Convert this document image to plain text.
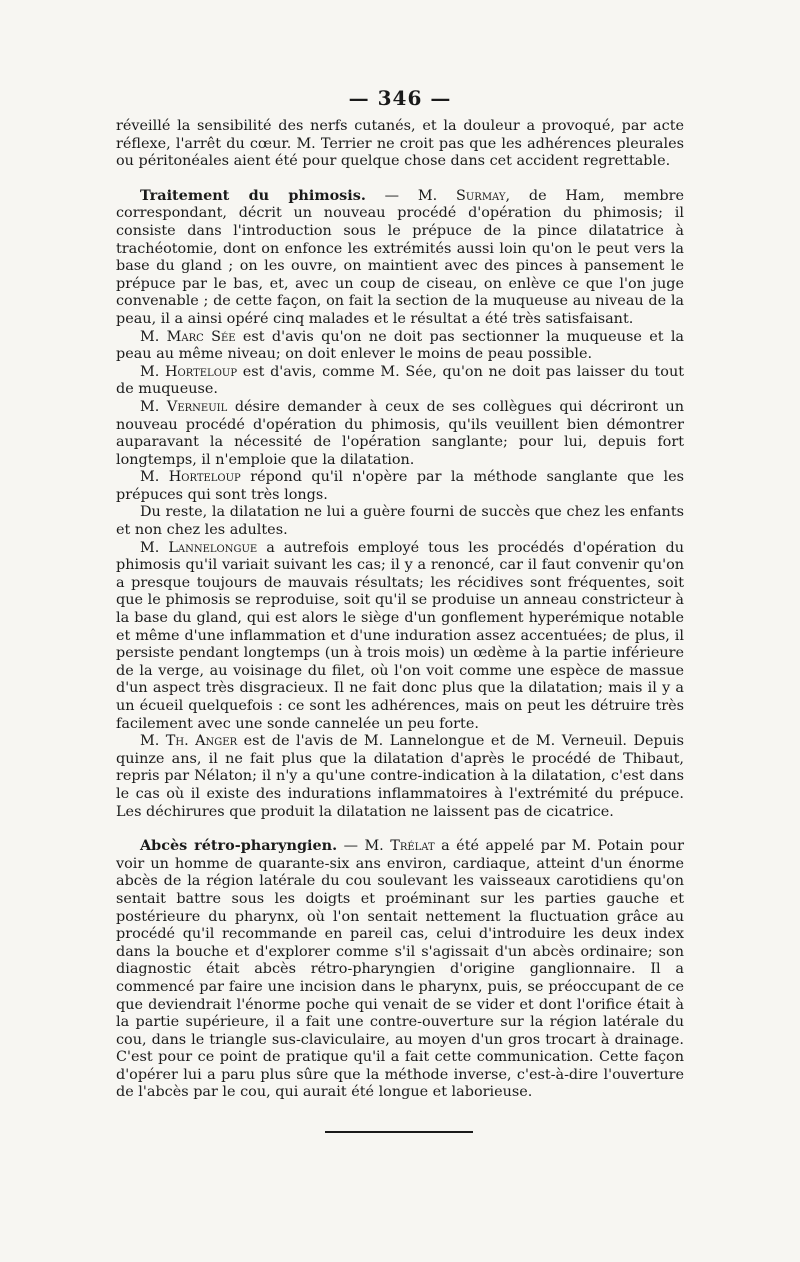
— 346 —

réveillé la sensibilité des nerfs cutanés, et la douleur a provoqué, par acte réflexe, l'arrêt du cœur. M. Terrier ne croit pas que les adhérences pleurales ou péritonéales aient été pour quelque chose dans cet accident regrettable.

Traitement du phimosis. — M. Surmay, de Ham, membre correspondant, décrit un nouveau procédé d'opération du phimosis; il consiste dans l'introduction sous le prépuce de la pince dilatatrice à trachéotomie, dont on enfonce les extrémités aussi loin qu'on le peut vers la base du gland ; on les ouvre, on maintient avec des pinces à pansement le prépuce par le bas, et, avec un coup de ciseau, on enlève ce que l'on juge convenable ; de cette façon, on fait la section de la muqueuse au niveau de la peau, il a ainsi opéré cinq malades et le résultat a été très satisfaisant.

M. Marc Sée est d'avis qu'on ne doit pas sectionner la muqueuse et la peau au même niveau; on doit enlever le moins de peau possible.

M. Horteloup est d'avis, comme M. Sée, qu'on ne doit pas laisser du tout de muqueuse.

M. Verneuil désire demander à ceux de ses collègues qui décriront un nouveau procédé d'opération du phimosis, qu'ils veuillent bien démontrer auparavant la nécessité de l'opération sanglante; pour lui, depuis fort longtemps, il n'emploie que la dilatation.

M. Horteloup répond qu'il n'opère par la méthode sanglante que les prépuces qui sont très longs.

Du reste, la dilatation ne lui a guère fourni de succès que chez les enfants et non chez les adultes.

M. Lannelongue a autrefois employé tous les procédés d'opération du phimosis qu'il variait suivant les cas; il y a renoncé, car il faut convenir qu'on a presque toujours de mauvais résultats; les récidives sont fréquentes, soit que le phimosis se reproduise, soit qu'il se produise un anneau constricteur à la base du gland, qui est alors le siège d'un gonflement hyperémique notable et même d'une inflammation et d'une induration assez accentuées; de plus, il persiste pendant longtemps (un à trois mois) un œdème à la partie inférieure de la verge, au voisinage du filet, où l'on voit comme une espèce de massue d'un aspect très disgracieux. Il ne fait donc plus que la dilatation; mais il y a un écueil quelquefois : ce sont les adhérences, mais on peut les détruire très facilement avec une sonde cannelée un peu forte.

M. Th. Anger est de l'avis de M. Lannelongue et de M. Verneuil. Depuis quinze ans, il ne fait plus que la dilatation d'après le procédé de Thibaut, repris par Nélaton; il n'y a qu'une contre-indication à la dilatation, c'est dans le cas où il existe des indurations inflammatoires à l'extrémité du prépuce. Les déchirures que produit la dilatation ne laissent pas de cicatrice.

Abcès rétro-pharyngien. — M. Trélat a été appelé par M. Potain pour voir un homme de quarante-six ans environ, cardiaque, atteint d'un énorme abcès de la région latérale du cou soulevant les vaisseaux carotidiens qu'on sentait battre sous les doigts et proéminant sur les parties gauche et postérieure du pharynx, où l'on sentait nettement la fluctuation grâce au procédé qu'il recommande en pareil cas, celui d'introduire les deux index dans la bouche et d'explorer comme s'il s'agissait d'un abcès ordinaire; son diagnostic était abcès rétro-pharyngien d'origine ganglionnaire. Il a commencé par faire une incision dans le pharynx, puis, se préoccupant de ce que deviendrait l'énorme poche qui venait de se vider et dont l'orifice était à la partie supérieure, il a fait une contre-ouverture sur la région latérale du cou, dans le triangle sus-claviculaire, au moyen d'un gros trocart à drainage. C'est pour ce point de pratique qu'il a fait cette communication. Cette façon d'opérer lui a paru plus sûre que la méthode inverse, c'est-à-dire l'ouverture de l'abcès par le cou, qui aurait été longue et laborieuse.
